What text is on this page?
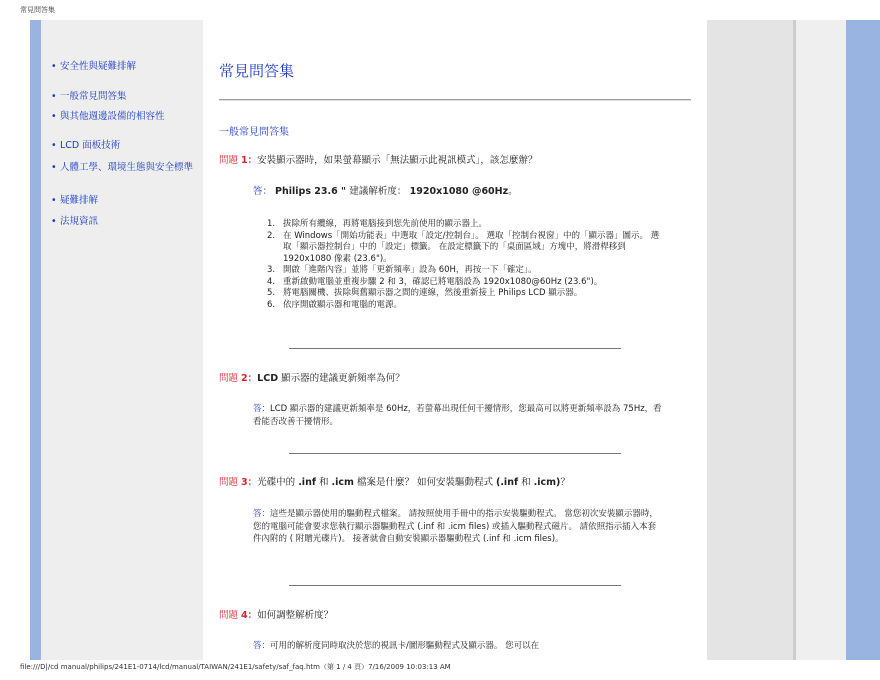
常見問答集
• 安全性與疑難排解
• 一般常見問答集
• 與其他週邊設備的相容性
• LCD 面板技術
• 人體工學、環境生態與安全標準
• 疑難排解
• 法規資訊
常見問答集
一般常見問答集
問題 1：安裝顯示器時，如果螢幕顯示「無法顯示此視訊模式」，該怎麼辦？
答： Philips 23.6 " 建議解析度： 1920x1080 @60Hz。
1. 拔除所有纜線，再將電腦接到您先前使用的顯示器上。
2. 在 Windows「開始功能表」中選取「設定/控制台」。 選取「控制台視窗」中的「顯示器」圖示。 選取「顯示器控制台」中的「設定」標籤。 在設定標籤下的「桌面區域」方塊中，將滑桿移到 1920x1080 像素 (23.6")。
3. 開啟「進階內容」並將「更新頻率」設為 60H，再按一下「確定」。
4. 重新啟動電腦並重複步驟 2 和 3，確認已將電腦設為 1920x1080@60Hz (23.6")。
5. 將電腦關機、拔除與舊顯示器之間的連線，然後重新接上 Philips LCD 顯示器。
6. 依序開啟顯示器和電腦的電源。
問題 2：LCD 顯示器的建議更新頻率為何？
答：LCD 顯示器的建議更新頻率是 60Hz，若螢幕出現任何干擾情形，您最高可以將更新頻率設為 75Hz，看看能否改善干擾情形。
問題 3：光碟中的 .inf 和 .icm 檔案是什麼？ 如何安裝驅動程式 (.inf 和 .icm)？
答：這些是顯示器使用的驅動程式檔案。 請按照使用手冊中的指示安裝驅動程式。 當您初次安裝顯示器時，您的電腦可能會要求您執行顯示器驅動程式 (.inf 和 .icm files) 或插入驅動程式磁片。 請依照指示插入本套件內附的 ( 附贈光碟片)。 接著就會自動安裝顯示器驅動程式 (.inf 和 .icm files)。
問題 4：如何調整解析度？
答：可用的解析度同時取決於您的視訊卡/圖形驅動程式及顯示器。 您可以在
file:///D|/cd manual/philips/241E1-0714/lcd/manual/TAIWAN/241E1/safety/saf_faq.htm（第 1 / 4 頁）7/16/2009 10:03:13 AM
